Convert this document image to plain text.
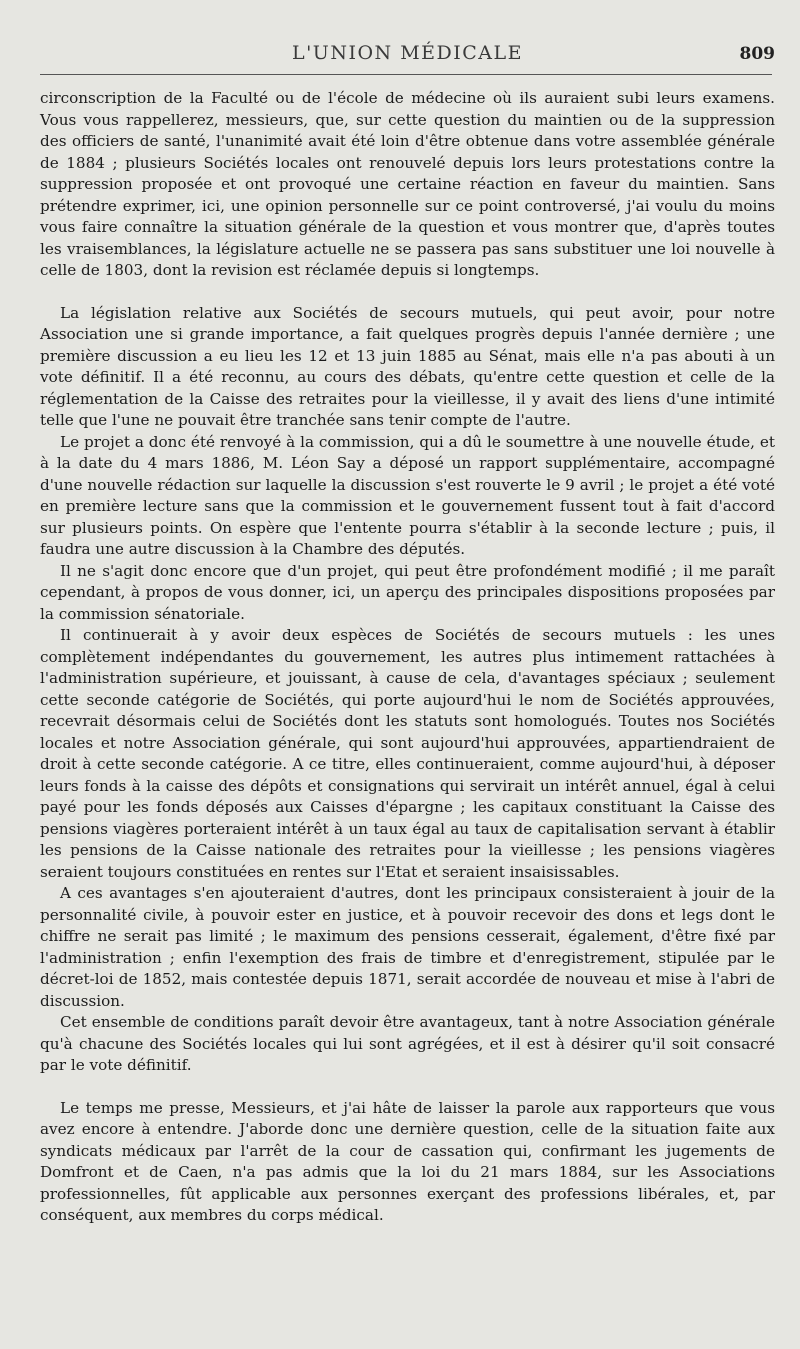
L'UNION MÉDICALE	809

circonscription de la Faculté ou de l'école de médecine où ils auraient subi leurs examens. Vous vous rappellerez, messieurs, que, sur cette question du maintien ou de la suppression des officiers de santé, l'unanimité avait été loin d'être obtenue dans votre assemblée générale de 1884 ; plusieurs Sociétés locales ont renouvelé depuis lors leurs protestations contre la suppression proposée et ont provoqué une certaine réaction en faveur du maintien. Sans prétendre exprimer, ici, une opinion personnelle sur ce point controversé, j'ai voulu du moins vous faire connaître la situation générale de la question et vous montrer que, d'après toutes les vraisemblances, la législature actuelle ne se passera pas sans substituer une loi nouvelle à celle de 1803, dont la revision est réclamée depuis si longtemps.

La législation relative aux Sociétés de secours mutuels, qui peut avoir, pour notre Association une si grande importance, a fait quelques progrès depuis l'année dernière ; une première discussion a eu lieu les 12 et 13 juin 1885 au Sénat, mais elle n'a pas abouti à un vote définitif. Il a été reconnu, au cours des débats, qu'entre cette question et celle de la réglementation de la Caisse des retraites pour la vieillesse, il y avait des liens d'une intimité telle que l'une ne pouvait être tranchée sans tenir compte de l'autre.

Le projet a donc été renvoyé à la commission, qui a dû le soumettre à une nouvelle étude, et à la date du 4 mars 1886, M. Léon Say a déposé un rapport supplémentaire, accompagné d'une nouvelle rédaction sur laquelle la discussion s'est rouverte le 9 avril ; le projet a été voté en première lecture sans que la commission et le gouvernement fussent tout à fait d'accord sur plusieurs points. On espère que l'entente pourra s'établir à la seconde lecture ; puis, il faudra une autre discussion à la Chambre des députés.

Il ne s'agit donc encore que d'un projet, qui peut être profondément modifié ; il me paraît cependant, à propos de vous donner, ici, un aperçu des principales dispositions proposées par la commission sénatoriale.

Il continuerait à y avoir deux espèces de Sociétés de secours mutuels : les unes complètement indépendantes du gouvernement, les autres plus intimement rattachées à l'administration supérieure, et jouissant, à cause de cela, d'avantages spéciaux ; seulement cette seconde catégorie de Sociétés, qui porte aujourd'hui le nom de Sociétés approuvées, recevrait désormais celui de Sociétés dont les statuts sont homologués. Toutes nos Sociétés locales et notre Association générale, qui sont aujourd'hui approuvées, appartiendraient de droit à cette seconde catégorie. A ce titre, elles continueraient, comme aujourd'hui, à déposer leurs fonds à la caisse des dépôts et consignations qui servirait un intérêt annuel, égal à celui payé pour les fonds déposés aux Caisses d'épargne ; les capitaux constituant la Caisse des pensions viagères porteraient intérêt à un taux égal au taux de capitalisation servant à établir les pensions de la Caisse nationale des retraites pour la vieillesse ; les pensions viagères seraient toujours constituées en rentes sur l'Etat et seraient insaisissables.

A ces avantages s'en ajouteraient d'autres, dont les principaux consisteraient à jouir de la personnalité civile, à pouvoir ester en justice, et à pouvoir recevoir des dons et legs dont le chiffre ne serait pas limité ; le maximum des pensions cesserait, également, d'être fixé par l'administration ; enfin l'exemption des frais de timbre et d'enregistrement, stipulée par le décret-loi de 1852, mais contestée depuis 1871, serait accordée de nouveau et mise à l'abri de discussion.

Cet ensemble de conditions paraît devoir être avantageux, tant à notre Association générale qu'à chacune des Sociétés locales qui lui sont agrégées, et il est à désirer qu'il soit consacré par le vote définitif.

Le temps me presse, Messieurs, et j'ai hâte de laisser la parole aux rapporteurs que vous avez encore à entendre. J'aborde donc une dernière question, celle de la situation faite aux syndicats médicaux par l'arrêt de la cour de cassation qui, confirmant les jugements de Domfront et de Caen, n'a pas admis que la loi du 21 mars 1884, sur les Associations professionnelles, fût applicable aux personnes exerçant des professions libérales, et, par conséquent, aux membres du corps médical.
